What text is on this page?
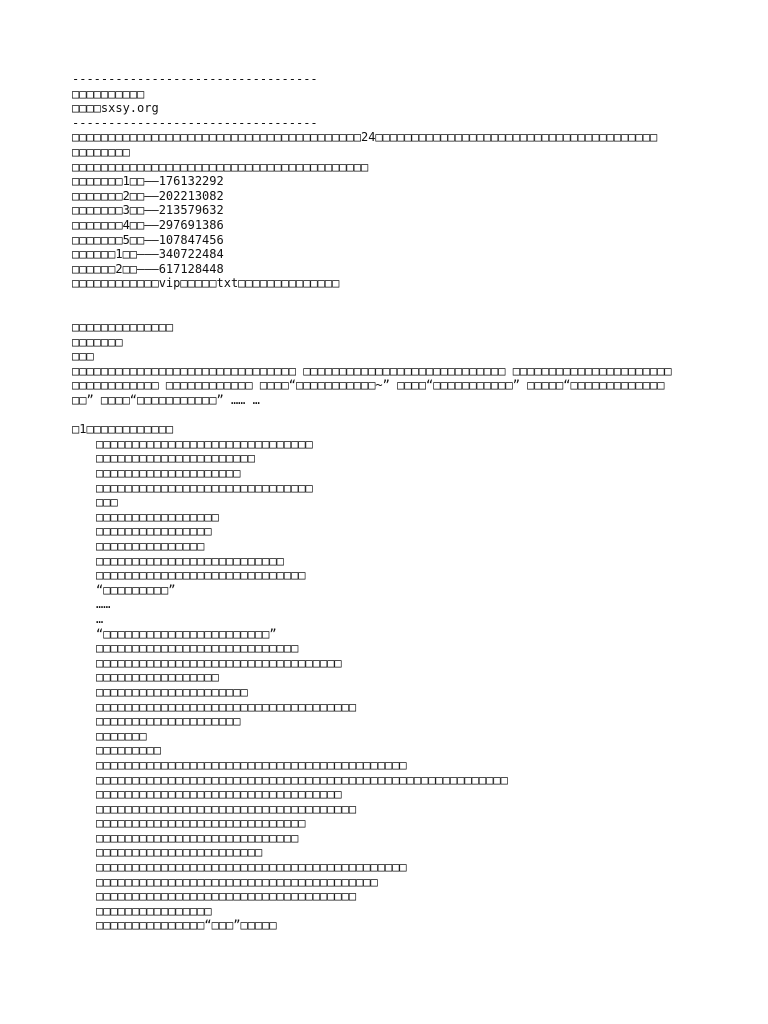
----------------------------------
□□□□□□□□□□
□□□□sxsy.org
----------------------------------
□□□□□□□□□□□□□□□□□□□□□□□□□□□□□□□□□□□□□□□□24□□□□□□□□□□□□□□□□□□□□□□□□□□□□□□□□□□□□□□□
□□□□□□□□
□□□□□□□□□□□□□□□□□□□□□□□□□□□□□□□□□□□□□□□□□
□□□□□□□1□□——176132292
□□□□□□□2□□——202213082
□□□□□□□3□□——213579632
□□□□□□□4□□——297691386
□□□□□□□5□□——107847456
□□□□□□1□□———340722484
□□□□□□2□□———617128448
□□□□□□□□□□□□vip□□□□□txt□□□□□□□□□□□□□□
□□□□□□□□□□□□□□
□□□□□□□
□□□
□□□□□□□□□□□□□□□□□□□□□□□□□□□□□□□ □□□□□□□□□□□□□□□□□□□□□□□□□□□□ □□□□□□□□□□□□□□□□□□□□□□
□□□□□□□□□□□□ □□□□□□□□□□□□ □□□□“□□□□□□□□□□□~” □□□□“□□□□□□□□□□□” □□□□□“□□□□□□□□□□□□□
□□” □□□□“□□□□□□□□□□□” …… …
□1□□□□□□□□□□□□
□□□□□□□□□□□□□□□□□□□□□□□□□□□□□□
□□□□□□□□□□□□□□□□□□□□□□
□□□□□□□□□□□□□□□□□□□□
□□□□□□□□□□□□□□□□□□□□□□□□□□□□□□
□□□
□□□□□□□□□□□□□□□□□
□□□□□□□□□□□□□□□□
□□□□□□□□□□□□□□□
□□□□□□□□□□□□□□□□□□□□□□□□□□
□□□□□□□□□□□□□□□□□□□□□□□□□□□□□
“□□□□□□□□□”
……
…
“□□□□□□□□□□□□□□□□□□□□□□□”
□□□□□□□□□□□□□□□□□□□□□□□□□□□□
□□□□□□□□□□□□□□□□□□□□□□□□□□□□□□□□□□
□□□□□□□□□□□□□□□□□
□□□□□□□□□□□□□□□□□□□□□
□□□□□□□□□□□□□□□□□□□□□□□□□□□□□□□□□□□□
□□□□□□□□□□□□□□□□□□□□
□□□□□□□
□□□□□□□□□
□□□□□□□□□□□□□□□□□□□□□□□□□□□□□□□□□□□□□□□□□□□
□□□□□□□□□□□□□□□□□□□□□□□□□□□□□□□□□□□□□□□□□□□□□□□□□□□□□□□□□
□□□□□□□□□□□□□□□□□□□□□□□□□□□□□□□□□□
□□□□□□□□□□□□□□□□□□□□□□□□□□□□□□□□□□□□
□□□□□□□□□□□□□□□□□□□□□□□□□□□□□
□□□□□□□□□□□□□□□□□□□□□□□□□□□□
□□□□□□□□□□□□□□□□□□□□□□□
□□□□□□□□□□□□□□□□□□□□□□□□□□□□□□□□□□□□□□□□□□□
□□□□□□□□□□□□□□□□□□□□□□□□□□□□□□□□□□□□□□□
□□□□□□□□□□□□□□□□□□□□□□□□□□□□□□□□□□□□
□□□□□□□□□□□□□□□□
□□□□□□□□□□□□□□□“□□□”□□□□□
